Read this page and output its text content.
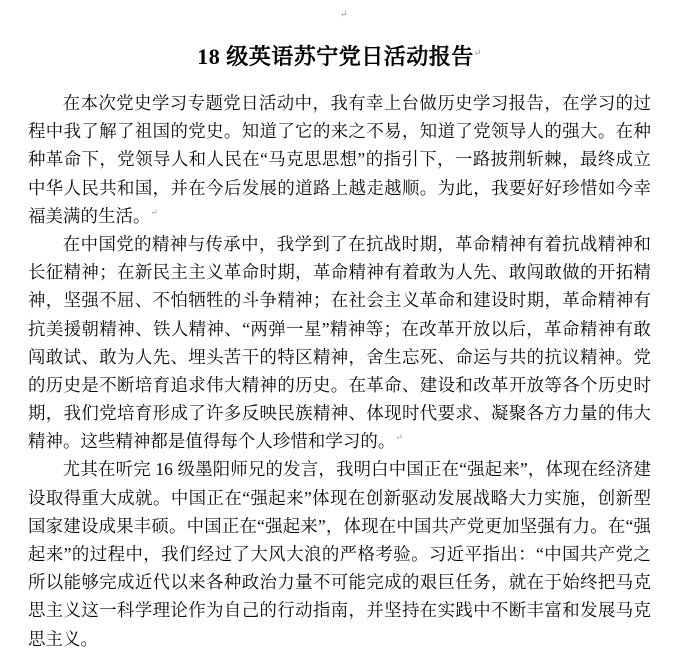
↵
18 级英语苏宁党日活动报告↵

在本次党史学习专题党日活动中，我有幸上台做历史学习报告，在学习的过程中我了解了祖国的党史。知道了它的来之不易，知道了党领导人的强大。在种种革命下，党领导人和人民在“马克思思想”的指引下，一路披荆斩棘，最终成立中华人民共和国，并在今后发展的道路上越走越顺。为此，我要好好珍惜如今幸福美满的生活。↵

在中国党的精神与传承中，我学到了在抗战时期，革命精神有着抗战精神和长征精神；在新民主主义革命时期，革命精神有着敢为人先、敢闯敢做的开拓精神，坚强不屈、不怕牺牲的斗争精神；在社会主义革命和建设时期，革命精神有抗美援朝精神、铁人精神、“两弹一星”精神等；在改革开放以后，革命精神有敢闯敢试、敢为人先、埋头苦干的特区精神，舍生忘死、命运与共的抗议精神。党的历史是不断培育追求伟大精神的历史。在革命、建设和改革开放等各个历史时期，我们党培育形成了许多反映民族精神、体现时代要求、凝聚各方力量的伟大精神。这些精神都是值得每个人珍惜和学习的。↵

尤其在听完 16 级墨阳师兄的发言，我明白中国正在“强起来”，体现在经济建设取得重大成就。中国正在“强起来”体现在创新驱动发展战略大力实施，创新型国家建设成果丰硕。中国正在“强起来”，体现在中国共产党更加坚强有力。在“强起来”的过程中，我们经过了大风大浪的严格考验。习近平指出：“中国共产党之所以能够完成近代以来各种政治力量不可能完成的艰巨任务，就在于始终把马克思主义这一科学理论作为自己的行动指南，并坚持在实践中不断丰富和发展马克思主义。
